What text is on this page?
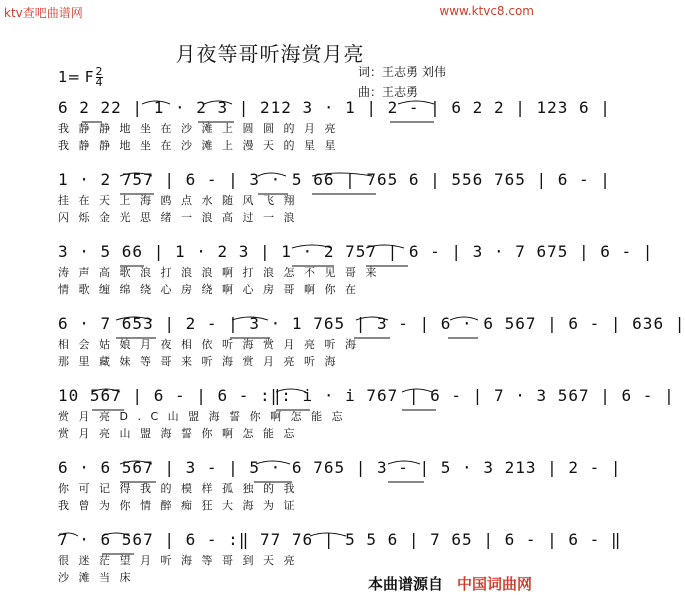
ktv查吧曲谱网	www.ktvc8.com
月夜等哥听海赏月亮
词：王志勇 刘伟
曲：王志勇
1= F $\frac{2}{4}$
6 2 22 | 1 · 2 3 | 212 3 · 1 | 2 - | 6 2 2 | 123 6 |
我静静地坐在沙滩上圆圆的月亮
我静静地坐在沙滩上漫天的星星
1 · 2 757 | 6 - | 3 · 5 66 | 765 6 | 556 765 | 6 - |
挂在天上海鸥点水随风飞翔
闪烁金光思绪一浪高过一浪
3 · 5 66 | 1 · 2 3 | 1 · 2 757 | 6 - | 3 · 7 675 | 6 - |
涛声高歌浪打浪浪啊打浪怎不见哥来
情歌缠绵绕心房绕啊心房哥啊你在
6 · 7 653 | 2 - | 3 · 1 765 | 3 - | 6 · 6 567 | 6 - | 636 |
相会姑娘月夜相依听海赏月亮听海
那里藏妹等哥来听海赏月亮听海
10 567 | 6 - | 6 - :‖: i · i 767 | 6 - | 7 · 3 567 | 6 - |
赏月亮D.C山盟海誓你啊怎能忘
赏月亮山盟海誓你啊怎能忘
6 · 6 567 | 3 - | 5 · 6 765 | 3 - | 5 · 3 213 | 2 - |
你可记得我的模样孤独的我
我曾为你情醉痴狂大海为证
7 · 6 567 | 6 - :‖ 77 76 | 5 5 6 | 7 65 | 6 - | 6 - ‖
很迷茫望月听海等哥到天亮
沙滩当床	本曲谱源自 中国词曲网
